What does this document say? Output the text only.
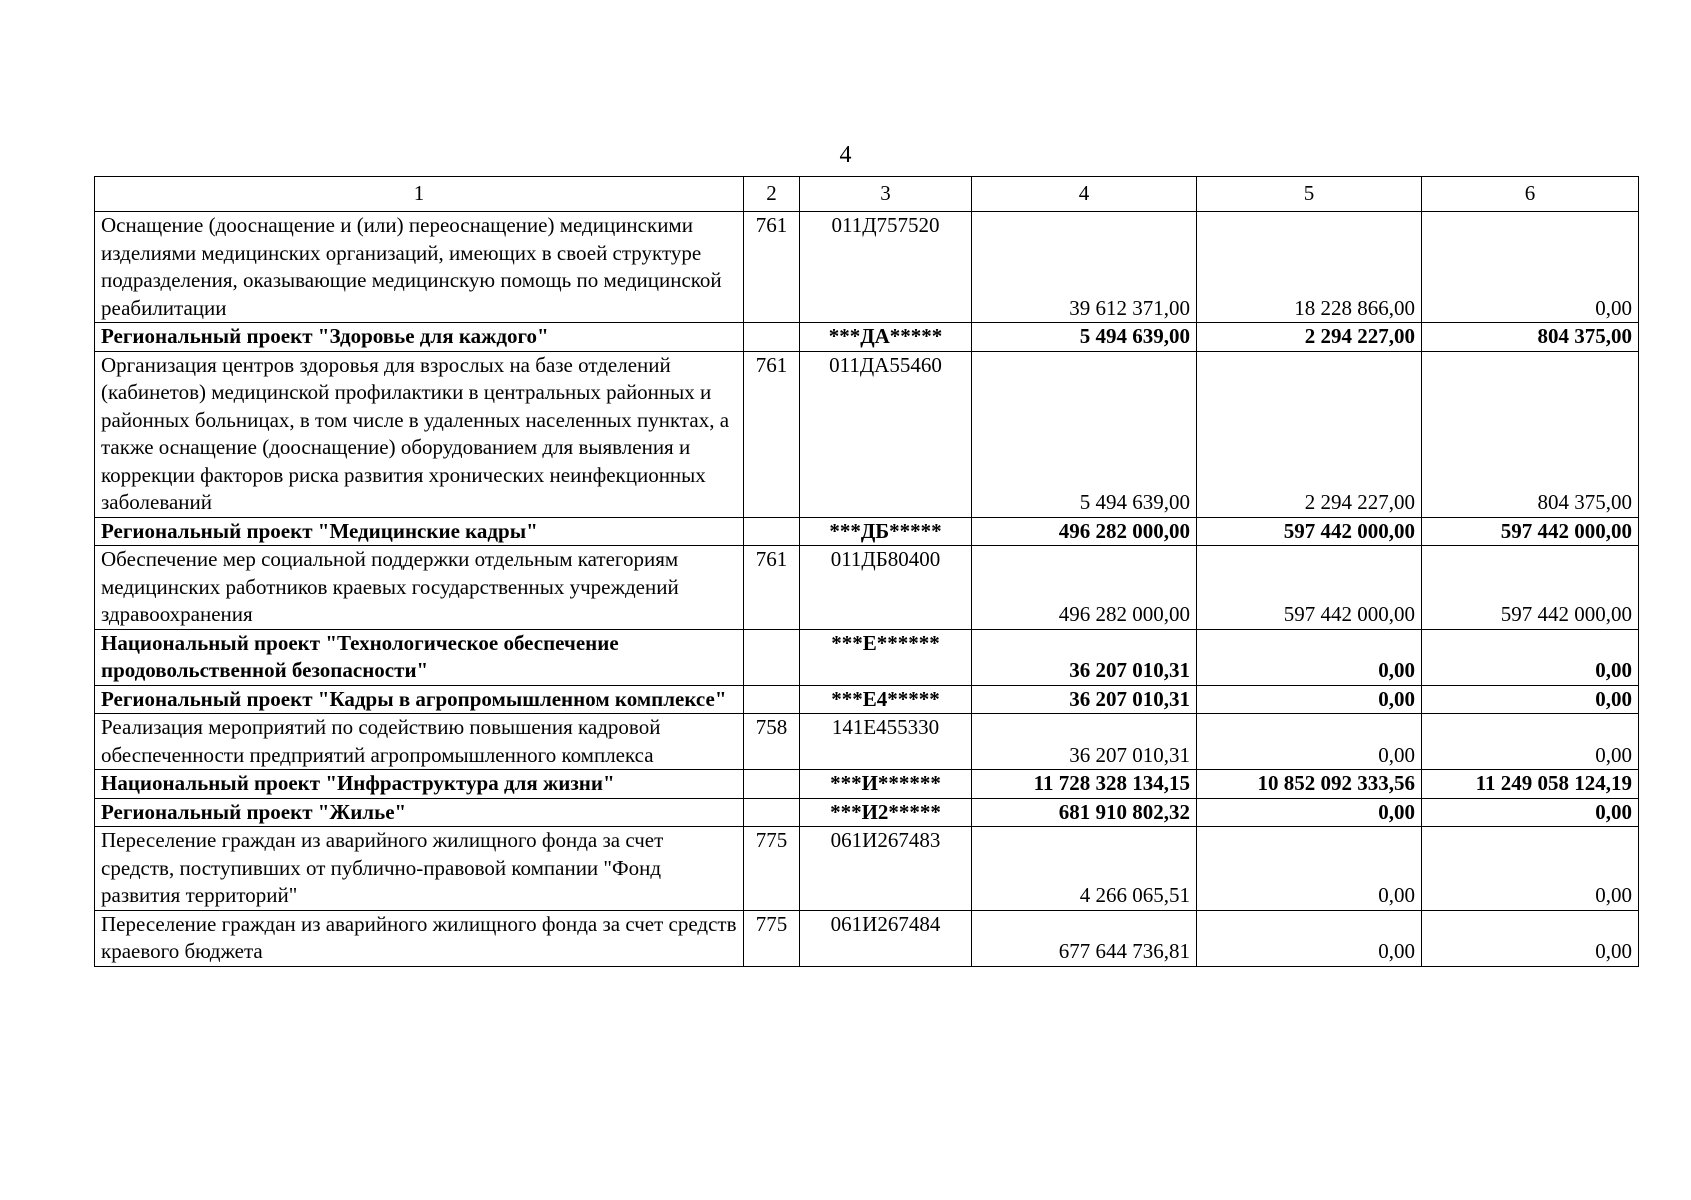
4
1	2	3	4	5	6
Оснащение (дооснащение и (или) переоснащение) медицинскими изделиями медицинских организаций, имеющих в своей структуре подразделения, оказывающие медицинскую помощь по медицинской реабилитации	761	011Д757520	39 612 371,00	18 228 866,00	0,00
Региональный проект "Здоровье для каждого"		***ДА*****	5 494 639,00	2 294 227,00	804 375,00
Организация центров здоровья для взрослых на базе отделений (кабинетов) медицинской профилактики в центральных районных и районных больницах, в том числе в удаленных населенных пунктах, а также оснащение (дооснащение) оборудованием для выявления и коррекции факторов риска развития хронических неинфекционных заболеваний	761	011ДА55460	5 494 639,00	2 294 227,00	804 375,00
Региональный проект "Медицинские кадры"		***ДБ*****	496 282 000,00	597 442 000,00	597 442 000,00
Обеспечение мер социальной поддержки отдельным категориям медицинских работников краевых государственных учреждений здравоохранения	761	011ДБ80400	496 282 000,00	597 442 000,00	597 442 000,00
Национальный проект "Технологическое обеспечение продовольственной безопасности"		***Е******	36 207 010,31	0,00	0,00
Региональный проект "Кадры в агропромышленном комплексе"		***Е4*****	36 207 010,31	0,00	0,00
Реализация мероприятий по содействию повышения кадровой обеспеченности предприятий агропромышленного комплекса	758	141Е455330	36 207 010,31	0,00	0,00
Национальный проект "Инфраструктура для жизни"		***И******	11 728 328 134,15	10 852 092 333,56	11 249 058 124,19
Региональный проект "Жилье"		***И2*****	681 910 802,32	0,00	0,00
Переселение граждан из аварийного жилищного фонда за счет средств, поступивших от публично-правовой компании "Фонд развития территорий"	775	061И267483	4 266 065,51	0,00	0,00
Переселение граждан из аварийного жилищного фонда за счет средств краевого бюджета	775	061И267484	677 644 736,81	0,00	0,00
